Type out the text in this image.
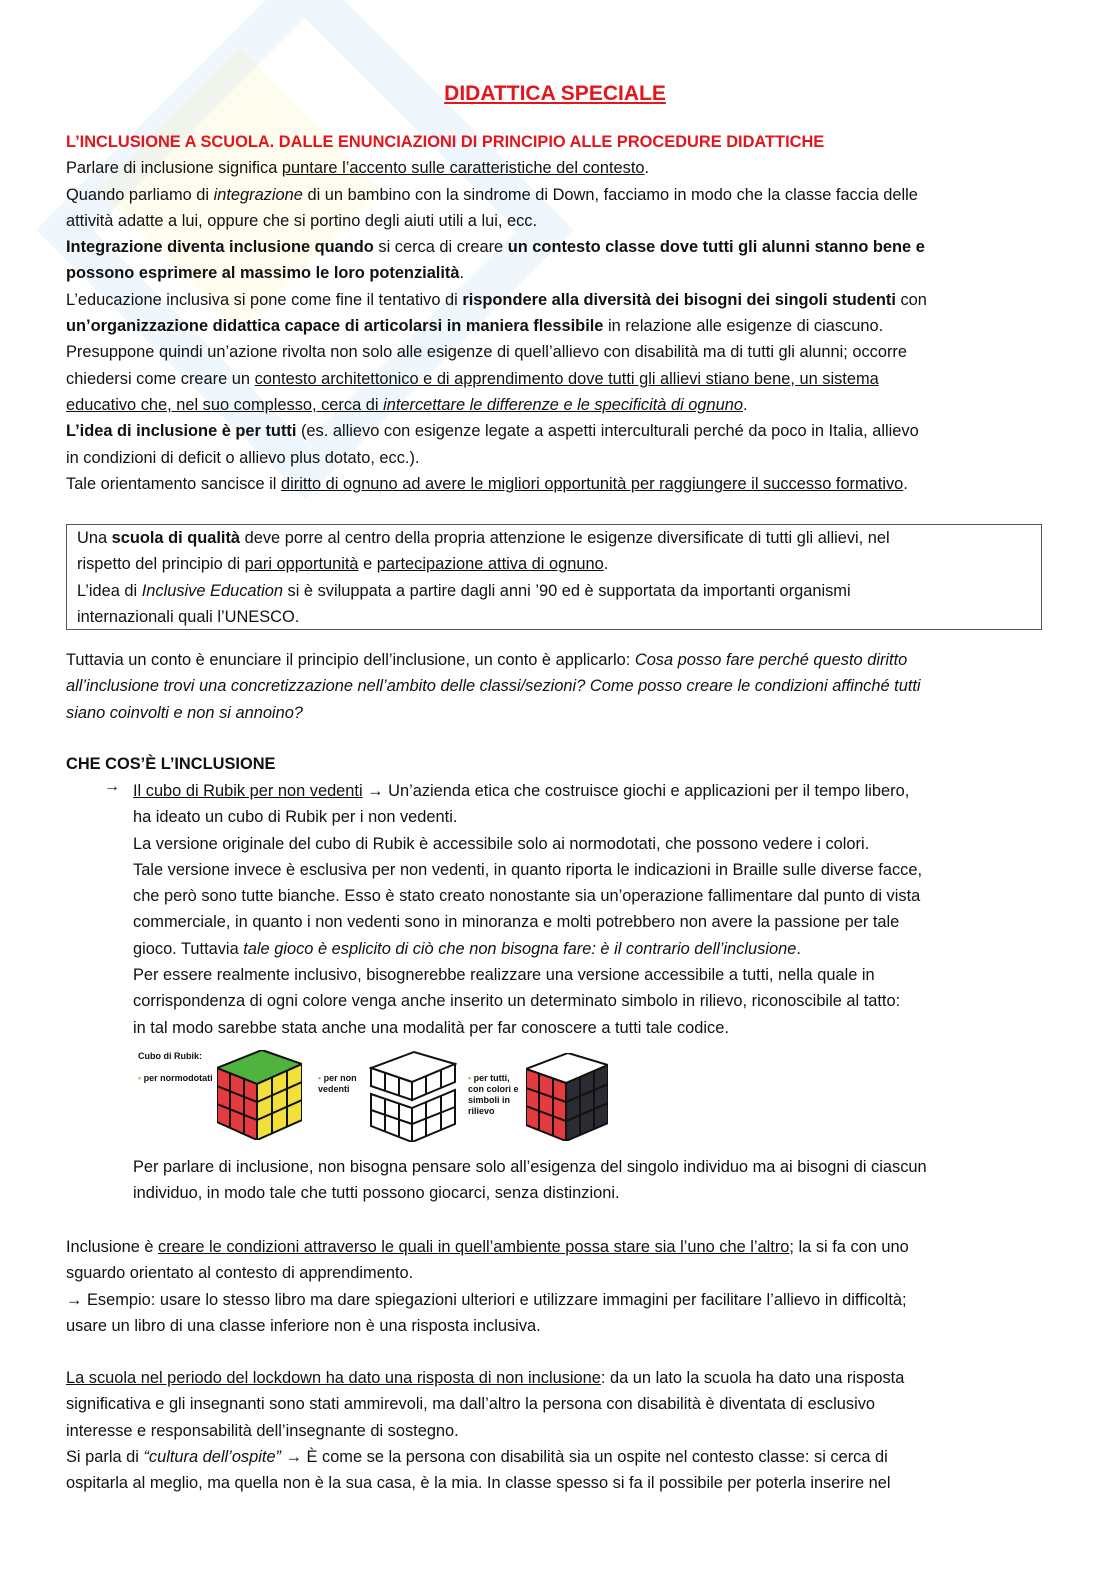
DIDATTICA SPECIALE
L’INCLUSIONE A SCUOLA. DALLE ENUNCIAZIONI DI PRINCIPIO ALLE PROCEDURE DIDATTICHE
Parlare di inclusione significa puntare l’accento sulle caratteristiche del contesto.
Quando parliamo di integrazione di un bambino con la sindrome di Down, facciamo in modo che la classe faccia delle
attività adatte a lui, oppure che si portino degli aiuti utili a lui, ecc.
Integrazione diventa inclusione quando si cerca di creare un contesto classe dove tutti gli alunni stanno bene e
possono esprimere al massimo le loro potenzialità.
L’educazione inclusiva si pone come fine il tentativo di rispondere alla diversità dei bisogni dei singoli studenti con
un’organizzazione didattica capace di articolarsi in maniera flessibile in relazione alle esigenze di ciascuno.
Presuppone quindi un’azione rivolta non solo alle esigenze di quell’allievo con disabilità ma di tutti gli alunni; occorre
chiedersi come creare un contesto architettonico e di apprendimento dove tutti gli allievi stiano bene, un sistema
educativo che, nel suo complesso, cerca di intercettare le differenze e le specificità di ognuno.
L’idea di inclusione è per tutti (es. allievo con esigenze legate a aspetti interculturali perché da poco in Italia, allievo
in condizioni di deficit o allievo plus dotato, ecc.).
Tale orientamento sancisce il diritto di ognuno ad avere le migliori opportunità per raggiungere il successo formativo.
Tuttavia un conto è enunciare il principio dell’inclusione, un conto è applicarlo: Cosa posso fare perché questo diritto
all’inclusione trovi una concretizzazione nell’ambito delle classi/sezioni? Come posso creare le condizioni affinché tutti
siano coinvolti e non si annoino?
CHE COS’È L’INCLUSIONE
Il cubo di Rubik per non vedenti → Un’azienda etica che costruisce giochi e applicazioni per il tempo libero,
ha ideato un cubo di Rubik per i non vedenti.
La versione originale del cubo di Rubik è accessibile solo ai normodotati, che possono vedere i colori.
Tale versione invece è esclusiva per non vedenti, in quanto riporta le indicazioni in Braille sulle diverse facce,
che però sono tutte bianche. Esso è stato creato nonostante sia un’operazione fallimentare dal punto di vista
commerciale, in quanto i non vedenti sono in minoranza e molti potrebbero non avere la passione per tale
gioco. Tuttavia tale gioco è esplicito di ciò che non bisogna fare: è il contrario dell’inclusione.
Per essere realmente inclusivo, bisognerebbe realizzare una versione accessibile a tutti, nella quale in
corrispondenza di ogni colore venga anche inserito un determinato simbolo in rilievo, riconoscibile al tatto:
in tal modo sarebbe stata anche una modalità per far conoscere a tutti tale codice.
Per parlare di inclusione, non bisogna pensare solo all’esigenza del singolo individuo ma ai bisogni di ciascun
individuo, in modo tale che tutti possono giocarci, senza distinzioni.
Inclusione è creare le condizioni attraverso le quali in quell’ambiente possa stare sia l’uno che l’altro; la si fa con uno
sguardo orientato al contesto di apprendimento.
→ Esempio: usare lo stesso libro ma dare spiegazioni ulteriori e utilizzare immagini per facilitare l’allievo in difficoltà;
usare un libro di una classe inferiore non è una risposta inclusiva.
La scuola nel periodo del lockdown ha dato una risposta di non inclusione: da un lato la scuola ha dato una risposta
significativa e gli insegnanti sono stati ammirevoli, ma dall’altro la persona con disabilità è diventata di esclusivo
interesse e responsabilità dell’insegnante di sostegno.
Si parla di “cultura dell’ospite” → È come se la persona con disabilità sia un ospite nel contesto classe: si cerca di
ospitarla al meglio, ma quella non è la sua casa, è la mia. In classe spesso si fa il possibile per poterla inserire nel
Una scuola di qualità deve porre al centro della propria attenzione le esigenze diversificate di tutti gli allievi, nel
rispetto del principio di pari opportunità e partecipazione attiva di ognuno.
L’idea di Inclusive Education si è sviluppata a partire dagli anni ’90 ed è supportata da importanti organismi
internazionali quali l’UNESCO.
→
Cubo di Rubik:
• per normodotati	• per non vedenti
• per tutti, con colori e simboli in rilievo
